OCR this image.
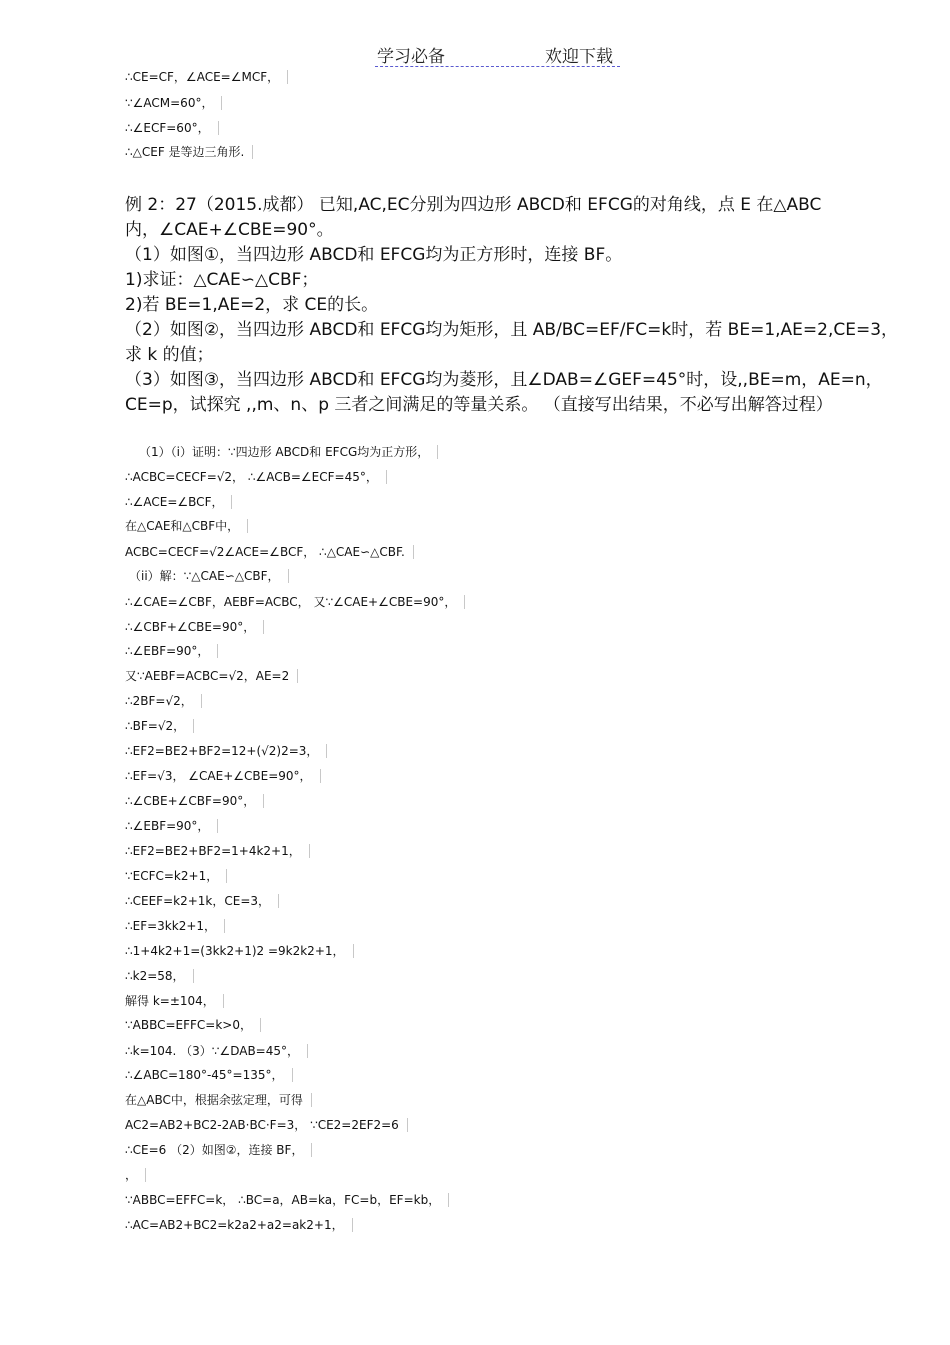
学习必备	欢迎下载
∴CE=CF，∠ACE=∠MCF，
∵∠ACM=60°，
∴∠ECF=60°，
∴△CEF 是等边三角形.
例 2：27（2015.成都） 已知,AC,EC分别为四边形 ABCD和 EFCG的对角线，点 E 在△ABC
内，∠CAE+∠CBE=90°。
（1）如图①，当四边形 ABCD和 EFCG均为正方形时，连接 BF。
1)求证：△CAE∽△CBF；
2)若 BE=1,AE=2，求 CE的长。
（2）如图②，当四边形 ABCD和 EFCG均为矩形，且 AB/BC=EF/FC=k时，若 BE=1,AE=2,CE=3，
求 k 的值；
（3）如图③，当四边形 ABCD和 EFCG均为菱形，且∠DAB=∠GEF=45°时，设,,BE=m，AE=n，
CE=p，试探究 ,,m、n、p 三者之间满足的等量关系。 （直接写出结果，不必写出解答过程）
（1）（i）证明：∵四边形 ABCD和 EFCG均为正方形，
∴ACBC=CECF=√2， ∴∠ACB=∠ECF=45°，
∴∠ACE=∠BCF，
在△CAE和△CBF中，
ACBC=CECF=√2∠ACE=∠BCF， ∴△CAE∽△CBF.
（ii）解：∵△CAE∽△CBF，
∴∠CAE=∠CBF，AEBF=ACBC， 又∵∠CAE+∠CBE=90°，
∴∠CBF+∠CBE=90°，
∴∠EBF=90°，
又∵AEBF=ACBC=√2，AE=2
∴2BF=√2，
∴BF=√2，
∴EF2=BE2+BF2=12+(√2)2=3，
∴EF=√3， ∠CAE+∠CBE=90°，
∴∠CBE+∠CBF=90°，
∴∠EBF=90°，
∴EF2=BE2+BF2=1+4k2+1，
∵ECFC=k2+1，
∴CEEF=k2+1k，CE=3，
∴EF=3kk2+1，
∴1+4k2+1=(3kk2+1)2 =9k2k2+1，
∴k2=58，
解得 k=±104，
∵ABBC=EFFC=k>0，
∴k=104. （3）∵∠DAB=45°，
∴∠ABC=180°-45°=135°，
在△ABC中，根据余弦定理，可得
AC2=AB2+BC2-2AB·BC·F=3， ∵CE2=2EF2=6
∴CE=6 （2）如图②，连接 BF，
，
∵ABBC=EFFC=k， ∴BC=a，AB=ka，FC=b，EF=kb，
∴AC=AB2+BC2=k2a2+a2=ak2+1，
